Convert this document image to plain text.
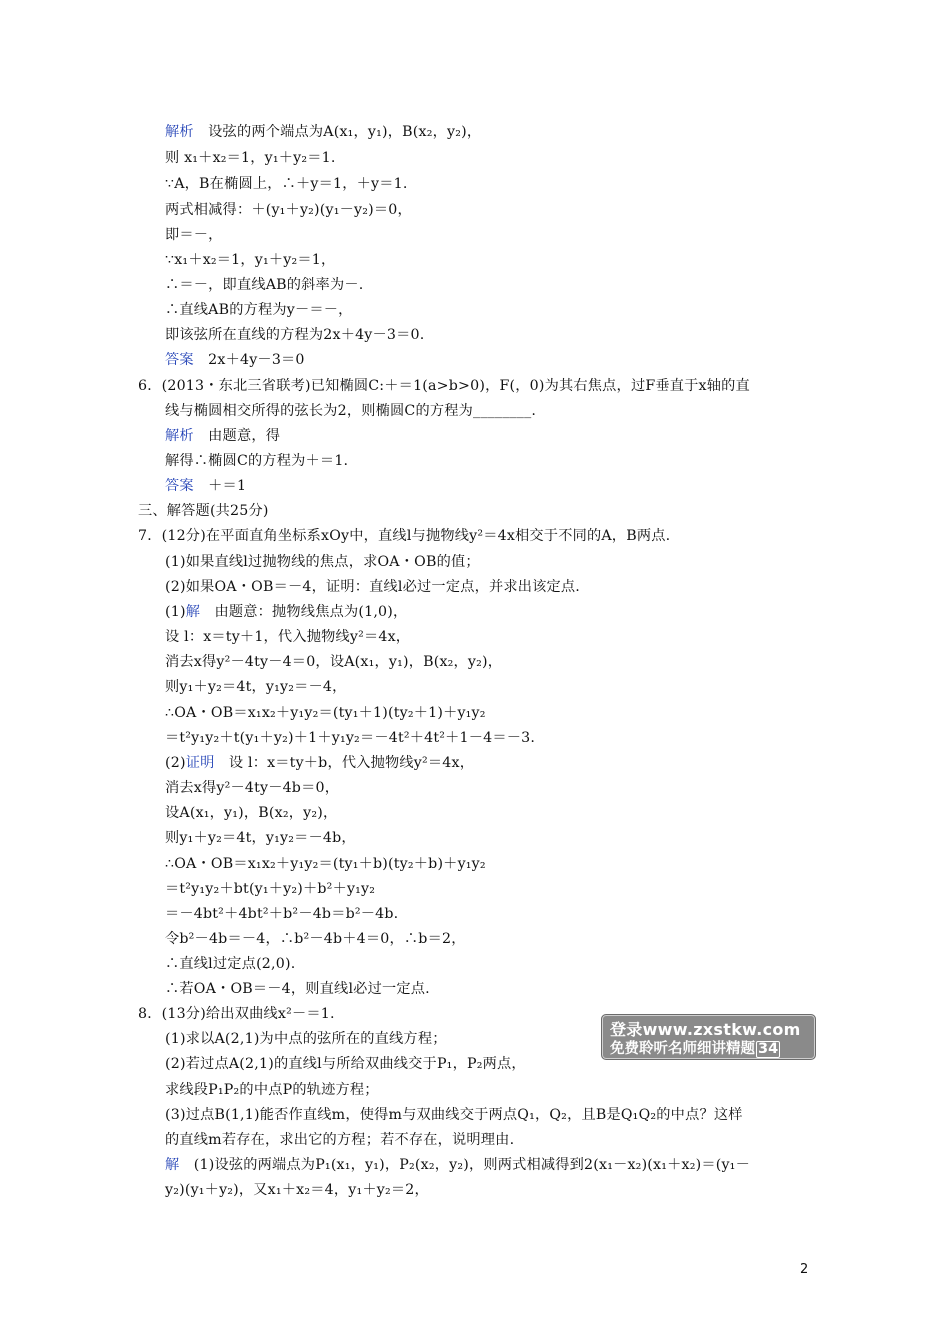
解析　设弦的两个端点为A(x₁，y₁)，B(x₂，y₂)，
则 x₁＋x₂＝1，y₁＋y₂＝1.
∵A，B在椭圆上，∴＋y＝1，＋y＝1.
两式相减得：＋(y₁＋y₂)(y₁－y₂)＝0，
即＝－，
∵x₁＋x₂＝1，y₁＋y₂＝1，
∴＝－，即直线AB的斜率为－.
∴直线AB的方程为y－＝－，
即该弦所在直线的方程为2x＋4y－3＝0.
答案　2x＋4y－3＝0
6．(2013・东北三省联考)已知椭圆C:＋＝1(a>b>0)，F(，0)为其右焦点，过F垂直于x轴的直
线与椭圆相交所得的弦长为2，则椭圆C的方程为________.
解析　由题意，得
解得∴椭圆C的方程为＋＝1.
答案　＋＝1
三、解答题(共25分)
7．(12分)在平面直角坐标系xOy中，直线l与抛物线y²＝4x相交于不同的A，B两点.
(1)如果直线l过抛物线的焦点，求OA・OB的值；
(2)如果OA・OB＝－4，证明：直线l必过一定点，并求出该定点.
(1)解　由题意：抛物线焦点为(1,0)，
设 l：x＝ty＋1，代入抛物线y²＝4x，
消去x得y²－4ty－4＝0，设A(x₁，y₁)，B(x₂，y₂)，
则y₁＋y₂＝4t，y₁y₂＝－4，
∴OA・OB＝x₁x₂＋y₁y₂＝(ty₁＋1)(ty₂＋1)＋y₁y₂
＝t²y₁y₂＋t(y₁＋y₂)＋1＋y₁y₂＝－4t²＋4t²＋1－4＝－3.
(2)证明　设 l：x＝ty＋b，代入抛物线y²＝4x，
消去x得y²－4ty－4b＝0，
设A(x₁，y₁)，B(x₂，y₂)，
则y₁＋y₂＝4t，y₁y₂＝－4b，
∴OA・OB＝x₁x₂＋y₁y₂＝(ty₁＋b)(ty₂＋b)＋y₁y₂
＝t²y₁y₂＋bt(y₁＋y₂)＋b²＋y₁y₂
＝－4bt²＋4bt²＋b²－4b＝b²－4b.
令b²－4b＝－4，∴b²－4b＋4＝0，∴b＝2，
∴直线l过定点(2,0).
∴若OA・OB＝－4，则直线l必过一定点.
8．(13分)给出双曲线x²－＝1.
(1)求以A(2,1)为中点的弦所在的直线方程；
(2)若过点A(2,1)的直线l与所给双曲线交于P₁，P₂两点，
求线段P₁P₂的中点P的轨迹方程；
(3)过点B(1,1)能否作直线m，使得m与双曲线交于两点Q₁，Q₂，且B是Q₁Q₂的中点？这样
的直线m若存在，求出它的方程；若不存在，说明理由.
解　(1)设弦的两端点为P₁(x₁，y₁)，P₂(x₂，y₂)，则两式相减得到2(x₁－x₂)(x₁＋x₂)＝(y₁－
y₂)(y₁＋y₂)，又x₁＋x₂＝4，y₁＋y₂＝2，
登录www.zxstkw.com
免费聆听名师细讲精题 34
2
